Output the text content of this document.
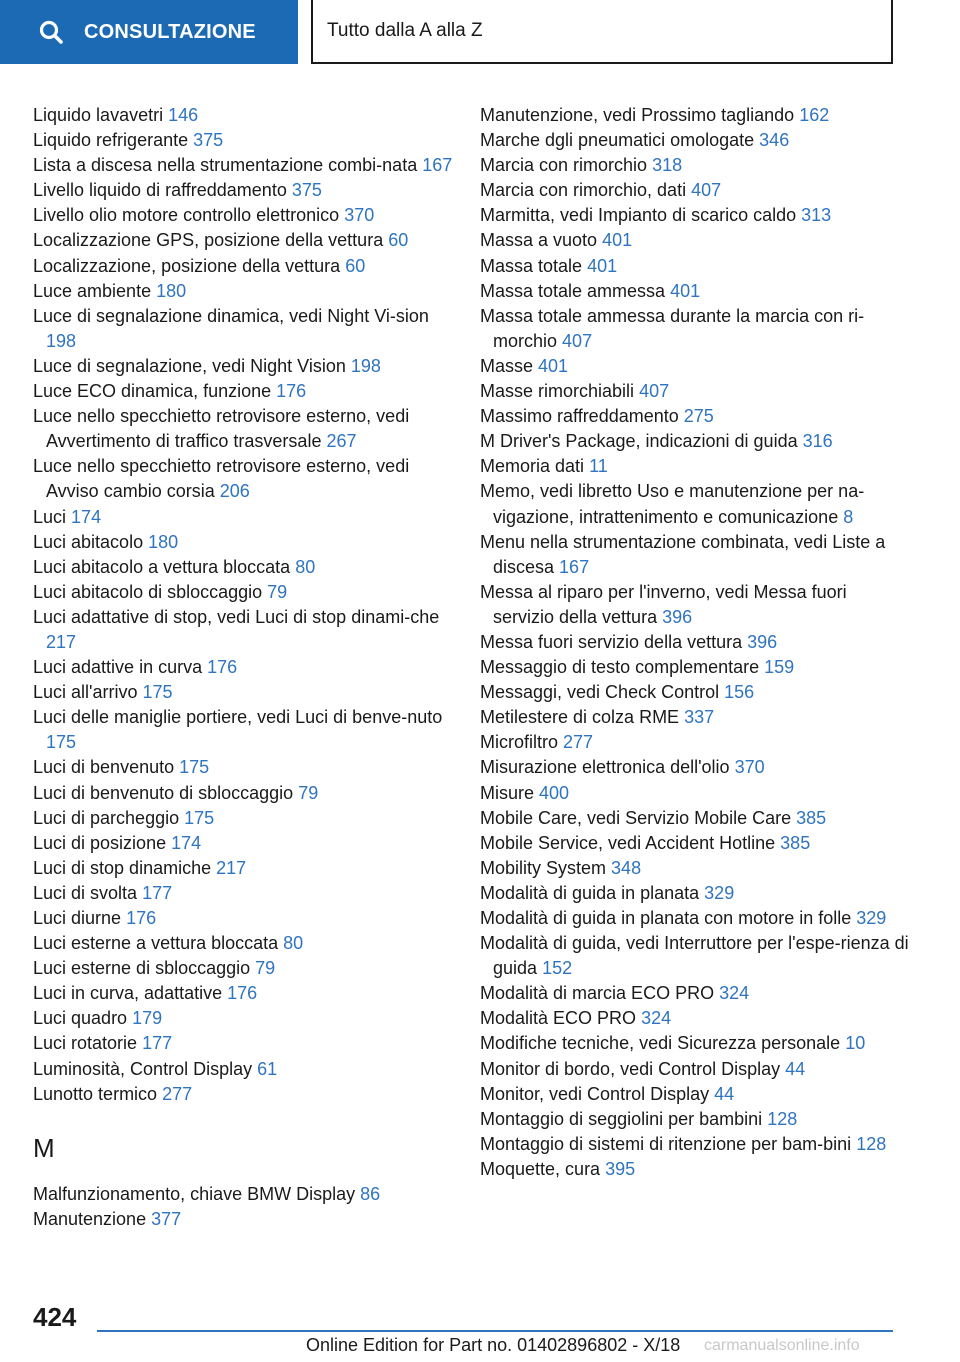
CONSULTAZIONE	Tutto dalla A alla Z

Liquido lavavetri 146

Liquido refrigerante 375

Lista a discesa nella strumentazione combi-nata 167

Livello liquido di raffreddamento 375

Livello olio motore controllo elettronico 370

Localizzazione GPS, posizione della vettura 60

Localizzazione, posizione della vettura 60

Luce ambiente 180

Luce di segnalazione dinamica, vedi Night Vi-sion 198

Luce di segnalazione, vedi Night Vision 198

Luce ECO dinamica, funzione 176

Luce nello specchietto retrovisore esterno, vedi Avvertimento di traffico trasversale 267

Luce nello specchietto retrovisore esterno, vedi Avviso cambio corsia 206

Luci 174

Luci abitacolo 180

Luci abitacolo a vettura bloccata 80

Luci abitacolo di sbloccaggio 79

Luci adattative di stop, vedi Luci di stop dinami-che 217

Luci adattive in curva 176

Luci all'arrivo 175

Luci delle maniglie portiere, vedi Luci di benve-nuto 175

Luci di benvenuto 175

Luci di benvenuto di sbloccaggio 79

Luci di parcheggio 175

Luci di posizione 174

Luci di stop dinamiche 217

Luci di svolta 177

Luci diurne 176

Luci esterne a vettura bloccata 80

Luci esterne di sbloccaggio 79

Luci in curva, adattative 176

Luci quadro 179

Luci rotatorie 177

Luminosità, Control Display 61

Lunotto termico 277

M

Malfunzionamento, chiave BMW Display 86

Manutenzione 377

Manutenzione, vedi Prossimo tagliando 162

Marche dgli pneumatici omologate 346

Marcia con rimorchio 318

Marcia con rimorchio, dati 407

Marmitta, vedi Impianto di scarico caldo 313

Massa a vuoto 401

Massa totale 401

Massa totale ammessa 401

Massa totale ammessa durante la marcia con ri-morchio 407

Masse 401

Masse rimorchiabili 407

Massimo raffreddamento 275

M Driver's Package, indicazioni di guida 316

Memoria dati 11

Memo, vedi libretto Uso e manutenzione per na-vigazione, intrattenimento e comunicazione 8

Menu nella strumentazione combinata, vedi Liste a discesa 167

Messa al riparo per l'inverno, vedi Messa fuori servizio della vettura 396

Messa fuori servizio della vettura 396

Messaggio di testo complementare 159

Messaggi, vedi Check Control 156

Metilestere di colza RME 337

Microfiltro 277

Misurazione elettronica dell'olio 370

Misure 400

Mobile Care, vedi Servizio Mobile Care 385

Mobile Service, vedi Accident Hotline 385

Mobility System 348

Modalità di guida in planata 329

Modalità di guida in planata con motore in folle 329

Modalità di guida, vedi Interruttore per l'espe-rienza di guida 152

Modalità di marcia ECO PRO 324

Modalità ECO PRO 324

Modifiche tecniche, vedi Sicurezza personale 10

Monitor di bordo, vedi Control Display 44

Monitor, vedi Control Display 44

Montaggio di seggiolini per bambini 128

Montaggio di sistemi di ritenzione per bam-bini 128

Moquette, cura 395

424
Online Edition for Part no. 01402896802 - X/18 carmanualsonline.info
